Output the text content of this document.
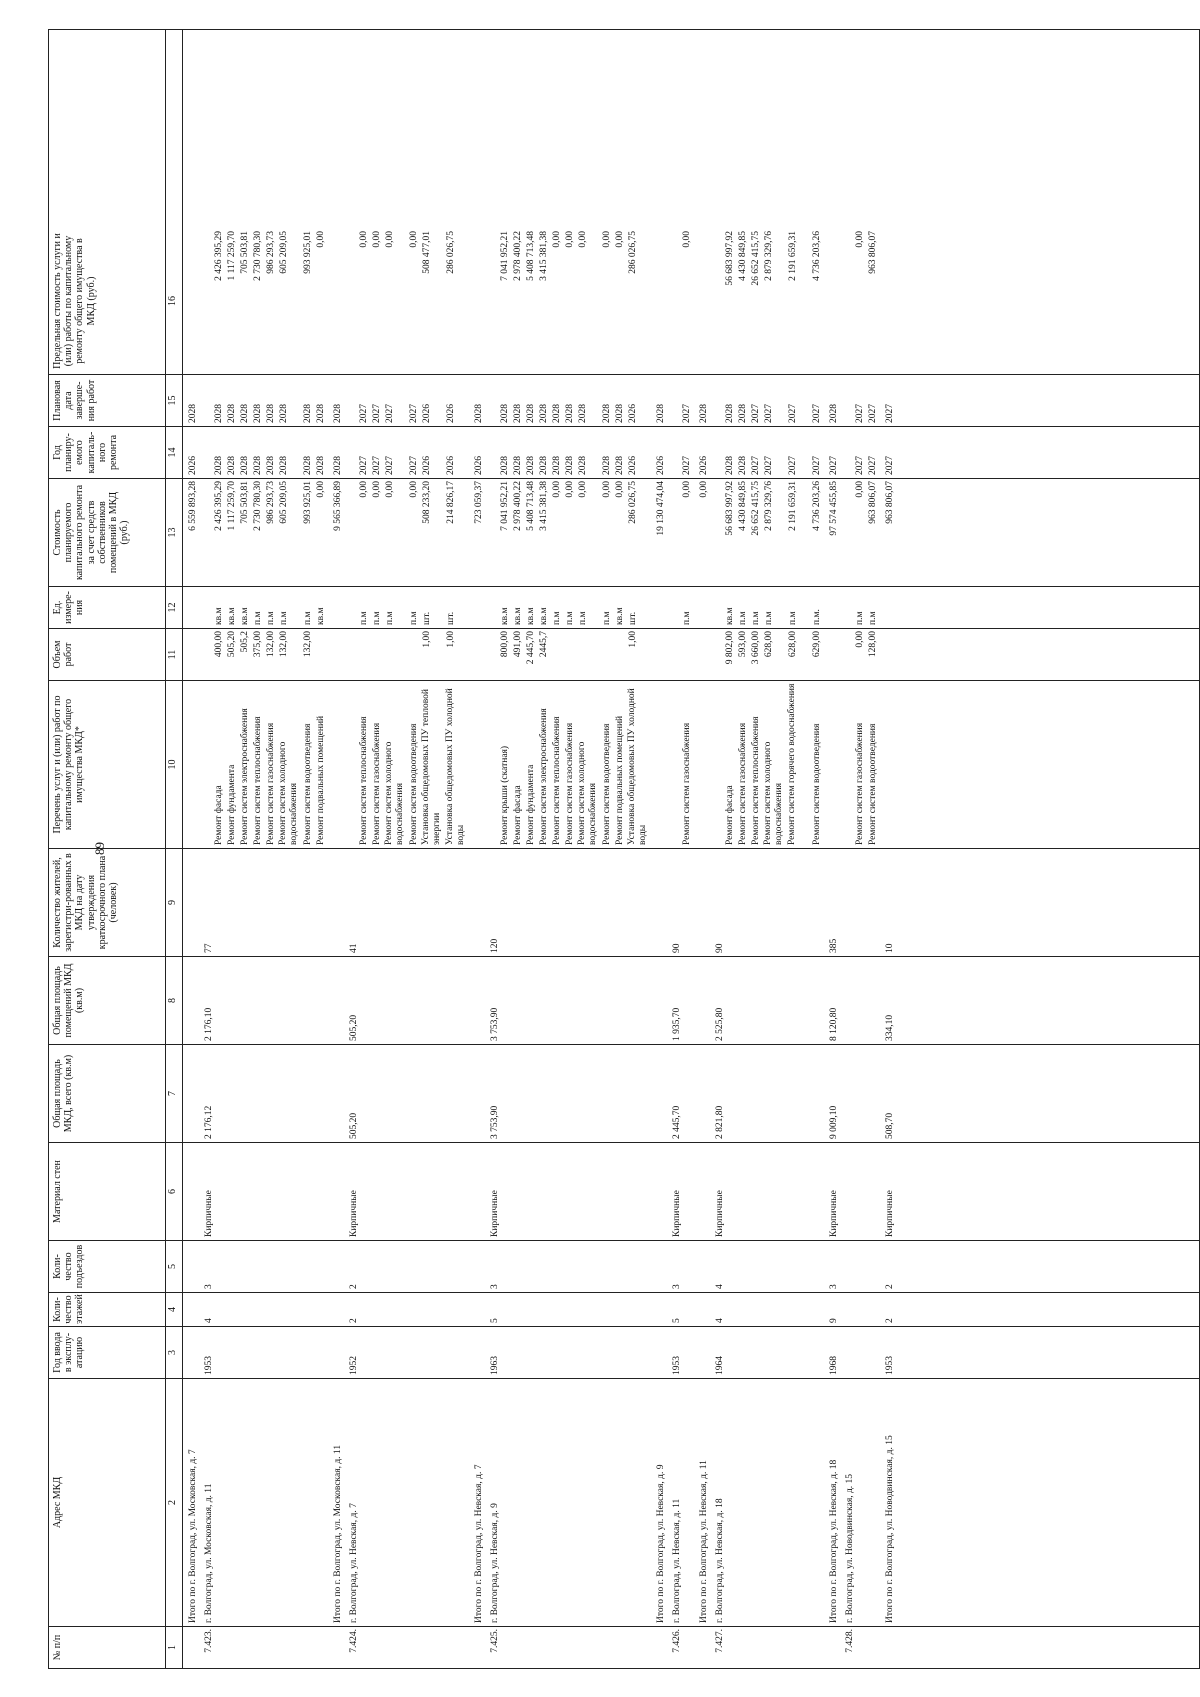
89
№ п/п
Адрес МКД
Год ввода в эксплу-атацию
Коли-чество этажей
Коли-чество подъездов
Материал стен
Общая площадь МКД, всего (кв.м)
Общая площадь помещений МКД (кв.м)
Количество жителей, зарегистри-рованных в МКД на дату утверждения краткосрочного плана (человек)
Перечень услуг и (или) работ по капитальному ремонту общего имущества МКД*
Объем работ
Ед. измере-ния
Стоимость планируемого капитального ремонта за счет средств собственников помещений в МКД (руб.)
Год планиру-емого капиталь-ного ремонта
Плановая дата заверше-ния работ
Предельная стоимость услуги и (или) работы по капитальному ремонту общего имущества в МКД (руб.)
1
2
3
4
5
6
7
8
9
10
11
12
13
14
15
16
Итого по г. Волгоград, ул. Московская, д. 7
6 559 893,28
2026
2028
7.423.
г. Волгоград, ул. Московская, д. 11
1953
4
3
Кирпичные
2 176,12
2 176,10
77
Ремонт фасада
400,00
кв.м
2 426 395,29
2028
2028
2 426 395,29
Ремонт фундамента
505,20
кв.м
1 117 259,70
2028
2028
1 117 259,70
Ремонт систем электроснабжения
505,2
кв.м
705 503,81
2028
2028
705 503,81
Ремонт систем теплоснабжения
375,00
п.м
2 730 780,30
2028
2028
2 730 780,30
Ремонт систем газоснабжения
132,00
п.м
986 293,73
2028
2028
986 293,73
Ремонт систем холодного водоснабжения
132,00
п.м
605 209,05
2028
2028
605 209,05
Ремонт систем водоотведения
132,00
п.м
993 925,01
2028
2028
993 925,01
Ремонт подвальных помещений
кв.м
0,00
2028
2028
0,00
Итого по г. Волгоград, ул. Московская, д. 11
9 565 366,89
2028
2028
7.424.
г. Волгоград, ул. Невская, д. 7
1952
2
2
Кирпичные
505,20
505,20
41
Ремонт систем теплоснабжения
п.м
0,00
2027
2027
0,00
Ремонт систем газоснабжения
п.м
0,00
2027
2027
0,00
Ремонт систем холодного водоснабжения
п.м
0,00
2027
2027
0,00
Ремонт систем водоотведения
п.м
0,00
2027
2027
0,00
Установка общедомовых ПУ тепловой энергии
1,00
шт.
508 233,20
2026
2026
508 477,01
Установка общедомовых ПУ холодной воды
1,00
шт.
214 826,17
2026
2026
286 026,75
Итого по г. Волгоград, ул. Невская, д. 7
723 059,37
2026
2028
7.425.
г. Волгоград, ул. Невская, д. 9
1963
5
3
Кирпичные
3 753,90
3 753,90
120
Ремонт крыши (скатная)
800,00
кв.м
7 041 952,21
2028
2028
7 041 952,21
Ремонт фасада
491,00
кв.м
2 978 400,22
2028
2028
2 978 400,22
Ремонт фундамента
2 445,70
кв.м
5 408 713,48
2028
2028
5 408 713,48
Ремонт систем электроснабжения
2445,7
кв.м
3 415 381,38
2028
2028
3 415 381,38
Ремонт систем теплоснабжения
п.м
0,00
2028
2028
0,00
Ремонт систем газоснабжения
п.м
0,00
2028
2028
0,00
Ремонт систем холодного водоснабжения
п.м
0,00
2028
2028
0,00
Ремонт систем водоотведения
п.м
0,00
2028
2028
0,00
Ремонт подвальных помещений
кв.м
0,00
2028
2028
0,00
Установка общедомовых ПУ холодной воды
1,00
шт.
286 026,75
2026
2026
286 026,75
Итого по г. Волгоград, ул. Невская, д. 9
19 130 474,04
2026
2028
7.426.
г. Волгоград, ул. Невская, д. 11
1953
5
3
Кирпичные
2 445,70
1 935,70
90
Ремонт систем газоснабжения
п.м
0,00
2027
2027
0,00
Итого по г. Волгоград, ул. Невская, д. 11
0,00
2026
2028
7.427.
г. Волгоград, ул. Невская, д. 18
1964
4
4
Кирпичные
2 821,80
2 525,80
90
Ремонт фасада
9 802,00
кв.м
56 683 997,92
2028
2028
56 683 997,92
Ремонт систем газоснабжения
593,00
п.м
4 430 849,85
2028
2028
4 430 849,85
Ремонт систем теплоснабжения
3 660,00
п.м
26 652 415,75
2027
2027
26 652 415,75
Ремонт систем холодного водоснабжения
628,00
п.м
2 879 329,76
2027
2027
2 879 329,76
Ремонт систем горячего водоснабжения
628,00
п.м
2 191 659,31
2027
2027
2 191 659,31
Ремонт систем водоотведения
629,00
п.м.
4 736 203,26
2027
2027
4 736 203,26
Итого по г. Волгоград, ул. Невская, д. 18
1968
9
3
Кирпичные
9 009,10
8 120,80
385
97 574 455,85
2027
2028
7.428.
г. Волгоград, ул. Новодвинская, д. 15
Ремонт систем газоснабжения
0,00
п.м
0,00
2027
2027
0,00
Ремонт систем водоотведения
128,00
п.м
963 806,07
2027
2027
963 806,07
Итого по г. Волгоград, ул. Новодвинская, д. 15
1953
2
2
Кирпичные
508,70
334,10
10
963 806,07
2027
2027
